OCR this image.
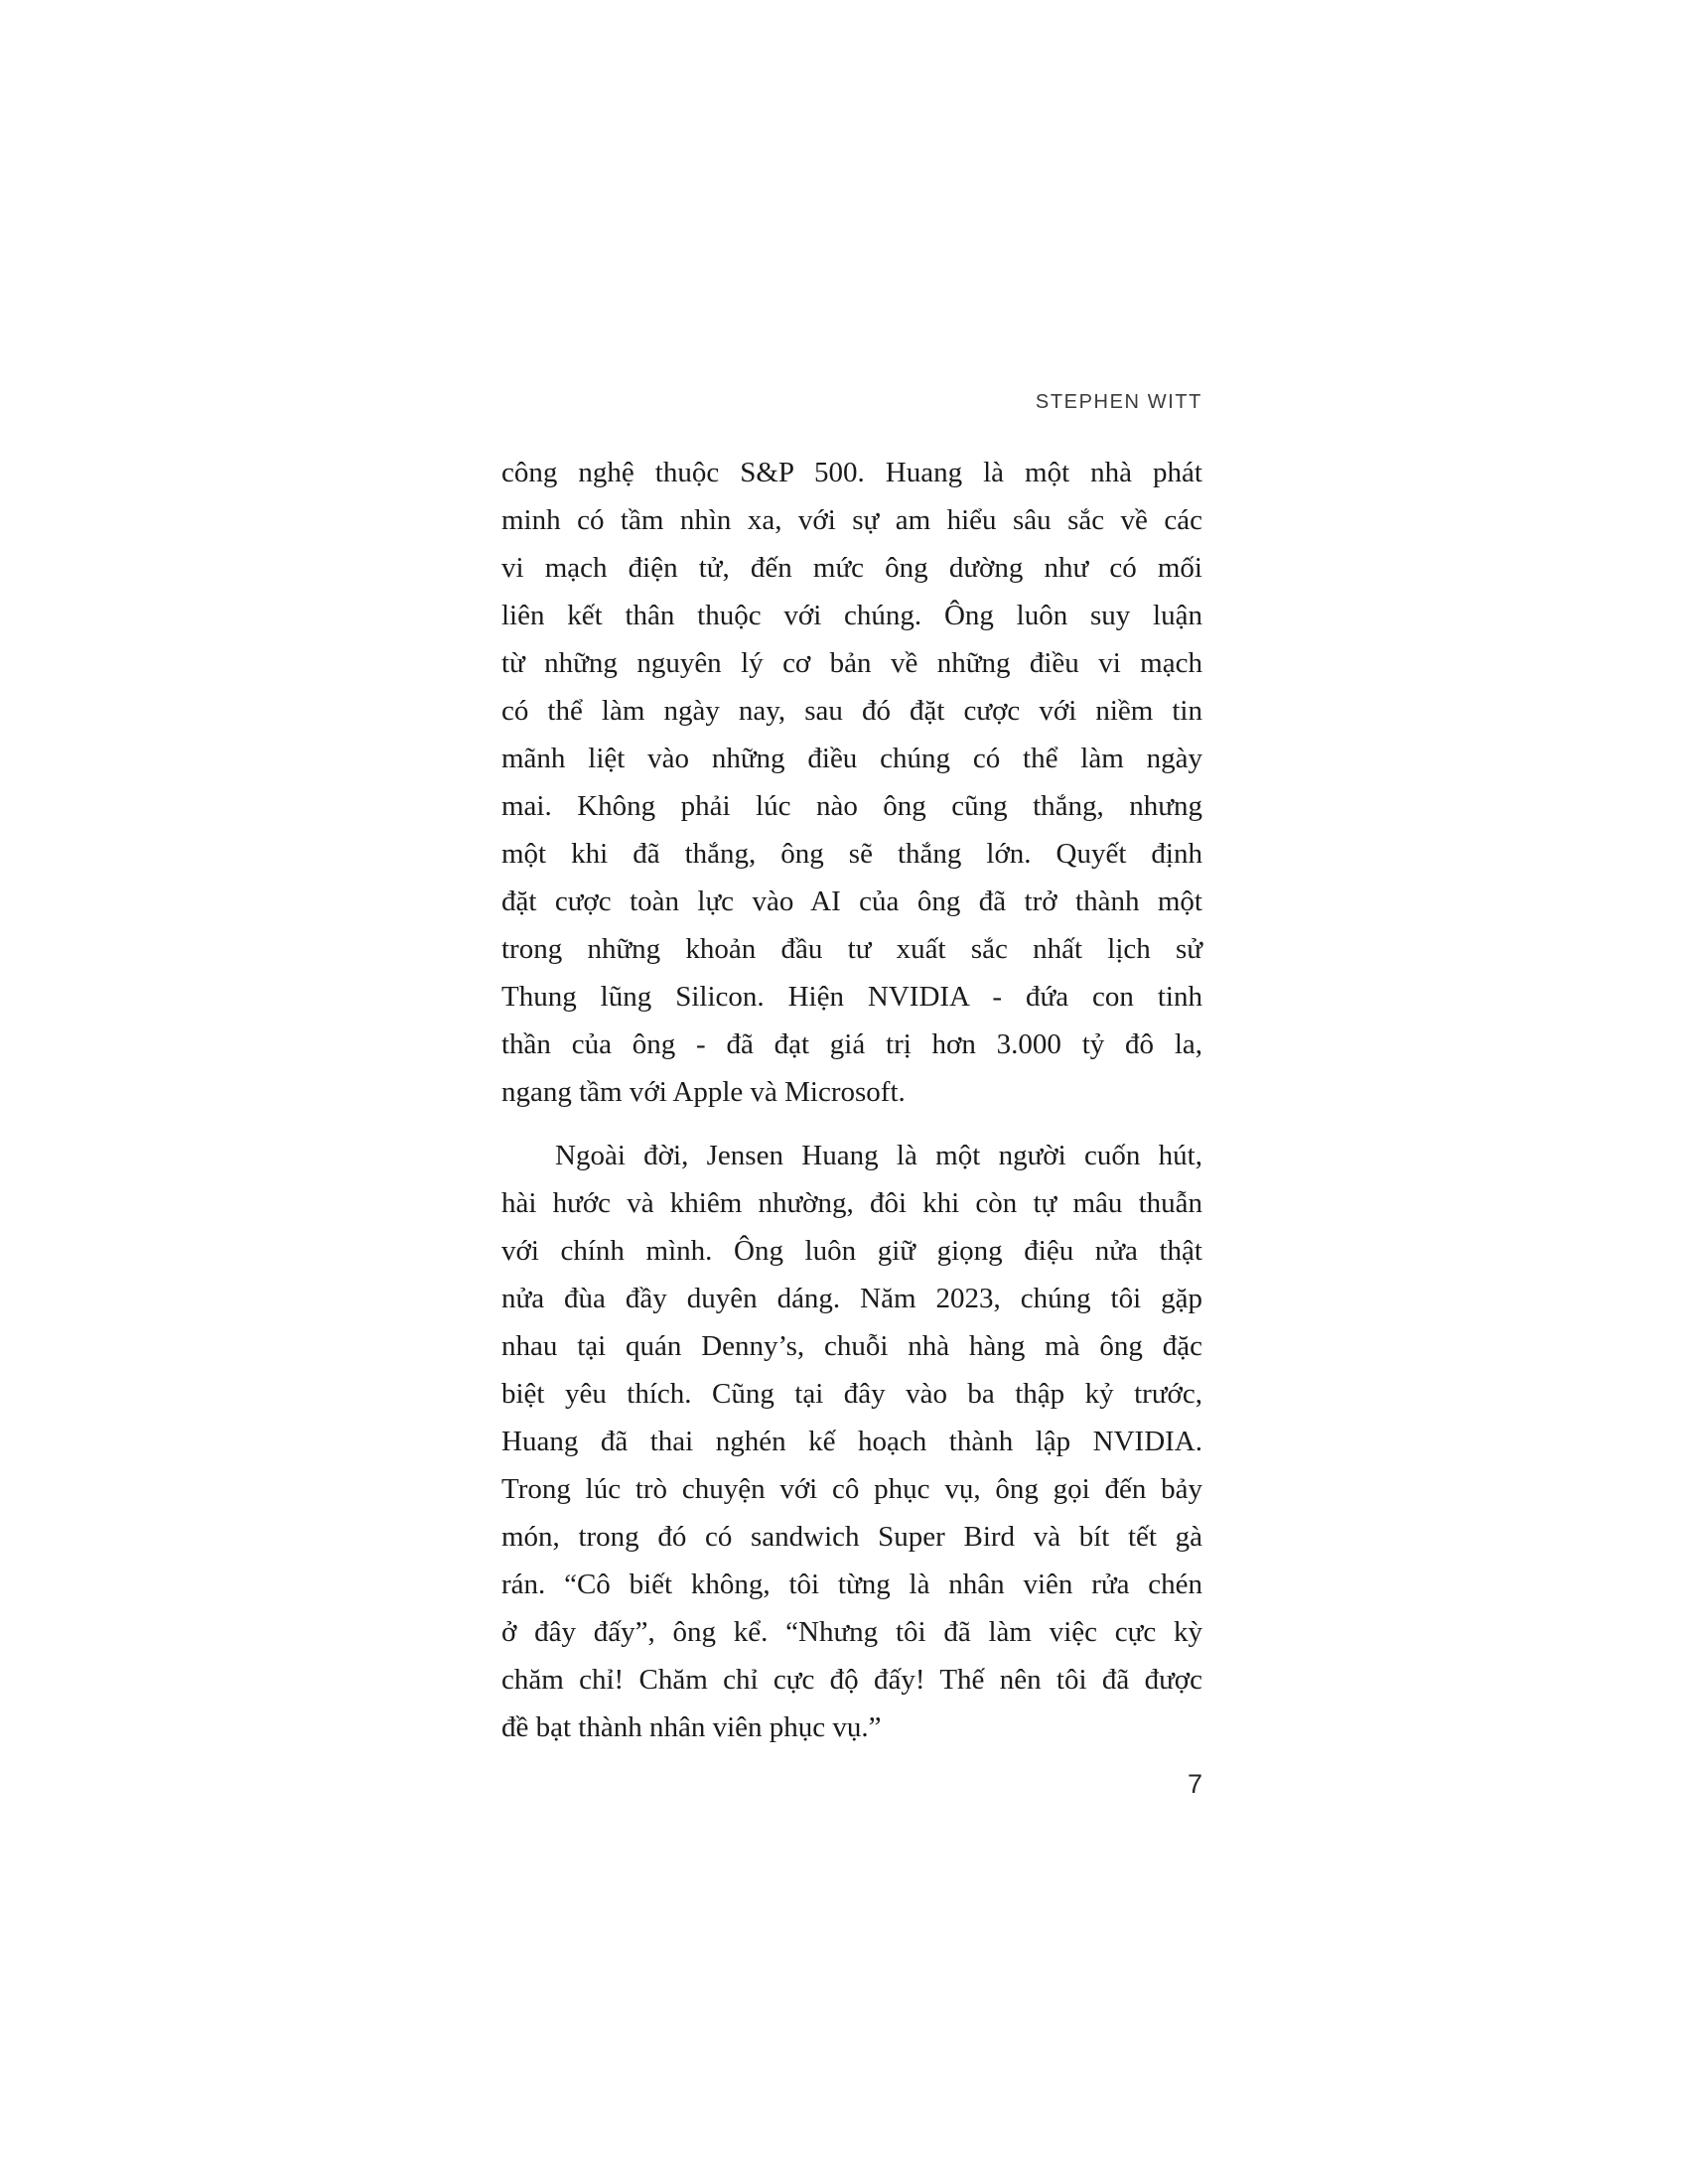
STEPHEN WITT
công nghệ thuộc S&P 500. Huang là một nhà phát
minh có tầm nhìn xa, với sự am hiểu sâu sắc về các
vi mạch điện tử, đến mức ông dường như có mối
liên kết thân thuộc với chúng. Ông luôn suy luận
từ những nguyên lý cơ bản về những điều vi mạch
có thể làm ngày nay, sau đó đặt cược với niềm tin
mãnh liệt vào những điều chúng có thể làm ngày
mai. Không phải lúc nào ông cũng thắng, nhưng
một khi đã thắng, ông sẽ thắng lớn. Quyết định
đặt cược toàn lực vào AI của ông đã trở thành một
trong những khoản đầu tư xuất sắc nhất lịch sử
Thung lũng Silicon. Hiện NVIDIA - đứa con tinh
thần của ông - đã đạt giá trị hơn 3.000 tỷ đô la,
ngang tầm với Apple và Microsoft.
Ngoài đời, Jensen Huang là một người cuốn hút,
hài hước và khiêm nhường, đôi khi còn tự mâu thuẫn
với chính mình. Ông luôn giữ giọng điệu nửa thật
nửa đùa đầy duyên dáng. Năm 2023, chúng tôi gặp
nhau tại quán Denny’s, chuỗi nhà hàng mà ông đặc
biệt yêu thích. Cũng tại đây vào ba thập kỷ trước,
Huang đã thai nghén kế hoạch thành lập NVIDIA.
Trong lúc trò chuyện với cô phục vụ, ông gọi đến bảy
món, trong đó có sandwich Super Bird và bít tết gà
rán. “Cô biết không, tôi từng là nhân viên rửa chén
ở đây đấy”, ông kể. “Nhưng tôi đã làm việc cực kỳ
chăm chỉ! Chăm chỉ cực độ đấy! Thế nên tôi đã được
đề bạt thành nhân viên phục vụ.”
7
